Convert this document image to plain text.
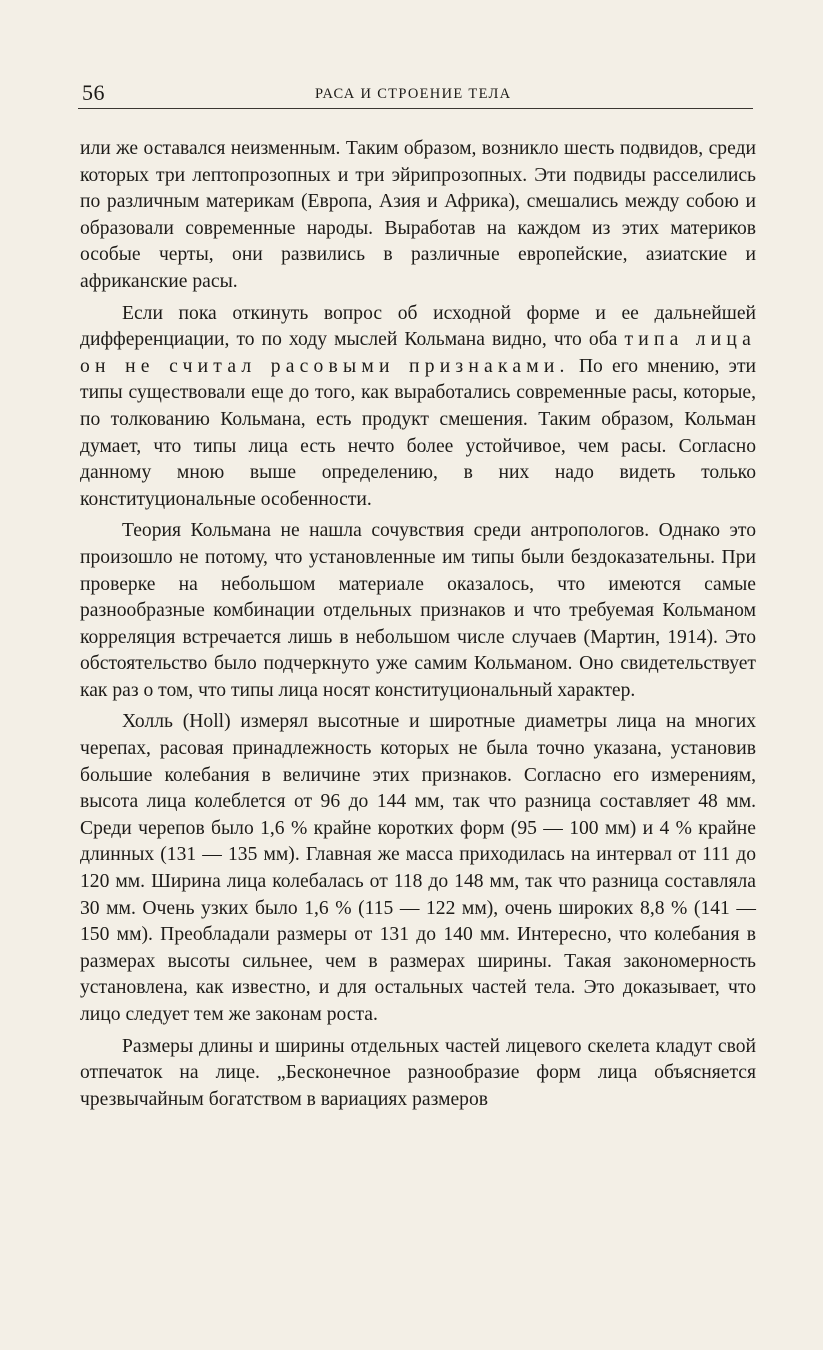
56	РАСА И СТРОЕНИЕ ТЕЛА

или же оставался неизменным. Таким образом, возникло шесть подвидов, среди которых три лептопрозопных и три эйрипрозопных. Эти подвиды расселились по различным материкам (Европа, Азия и Африка), смешались между собою и образовали современные народы. Выработав на каждом из этих материков особые черты, они развились в различные европейские, азиатские и африканские расы.

Если пока откинуть вопрос об исходной форме и ее дальнейшей дифференциации, то по ходу мыслей Кольмана видно, что оба типа лица он не считал расовыми признаками. По его мнению, эти типы существовали еще до того, как выработались современные расы, которые, по толкованию Кольмана, есть продукт смешения. Таким образом, Кольман думает, что типы лица есть нечто более устойчивое, чем расы. Согласно данному мною выше определению, в них надо видеть только конституциональные особенности.

Теория Кольмана не нашла сочувствия среди антропологов. Однако это произошло не потому, что установленные им типы были бездоказательны. При проверке на небольшом материале оказалось, что имеются самые разнообразные комбинации отдельных признаков и что требуемая Кольманом корреляция встречается лишь в небольшом числе случаев (Мартин, 1914). Это обстоятельство было подчеркнуто уже самим Кольманом. Оно свидетельствует как раз о том, что типы лица носят конституциональный характер.

Холль (Holl) измерял высотные и широтные диаметры лица на многих черепах, расовая принадлежность которых не была точно указана, установив большие колебания в величине этих признаков. Согласно его измерениям, высота лица колеблется от 96 до 144 мм, так что разница составляет 48 мм. Среди черепов было 1,6 % крайне коротких форм (95 — 100 мм) и 4 % крайне длинных (131 — 135 мм). Главная же масса приходилась на интервал от 111 до 120 мм. Ширина лица колебалась от 118 до 148 мм, так что разница составляла 30 мм. Очень узких было 1,6 % (115 — 122 мм), очень широких 8,8 % (141 — 150 мм). Преобладали размеры от 131 до 140 мм. Интересно, что колебания в размерах высоты сильнее, чем в размерах ширины. Такая закономерность установлена, как известно, и для остальных частей тела. Это доказывает, что лицо следует тем же законам роста.

Размеры длины и ширины отдельных частей лицевого скелета кладут свой отпечаток на лице. „Бесконечное разнообразие форм лица объясняется чрезвычайным богатством в вариациях размеров
